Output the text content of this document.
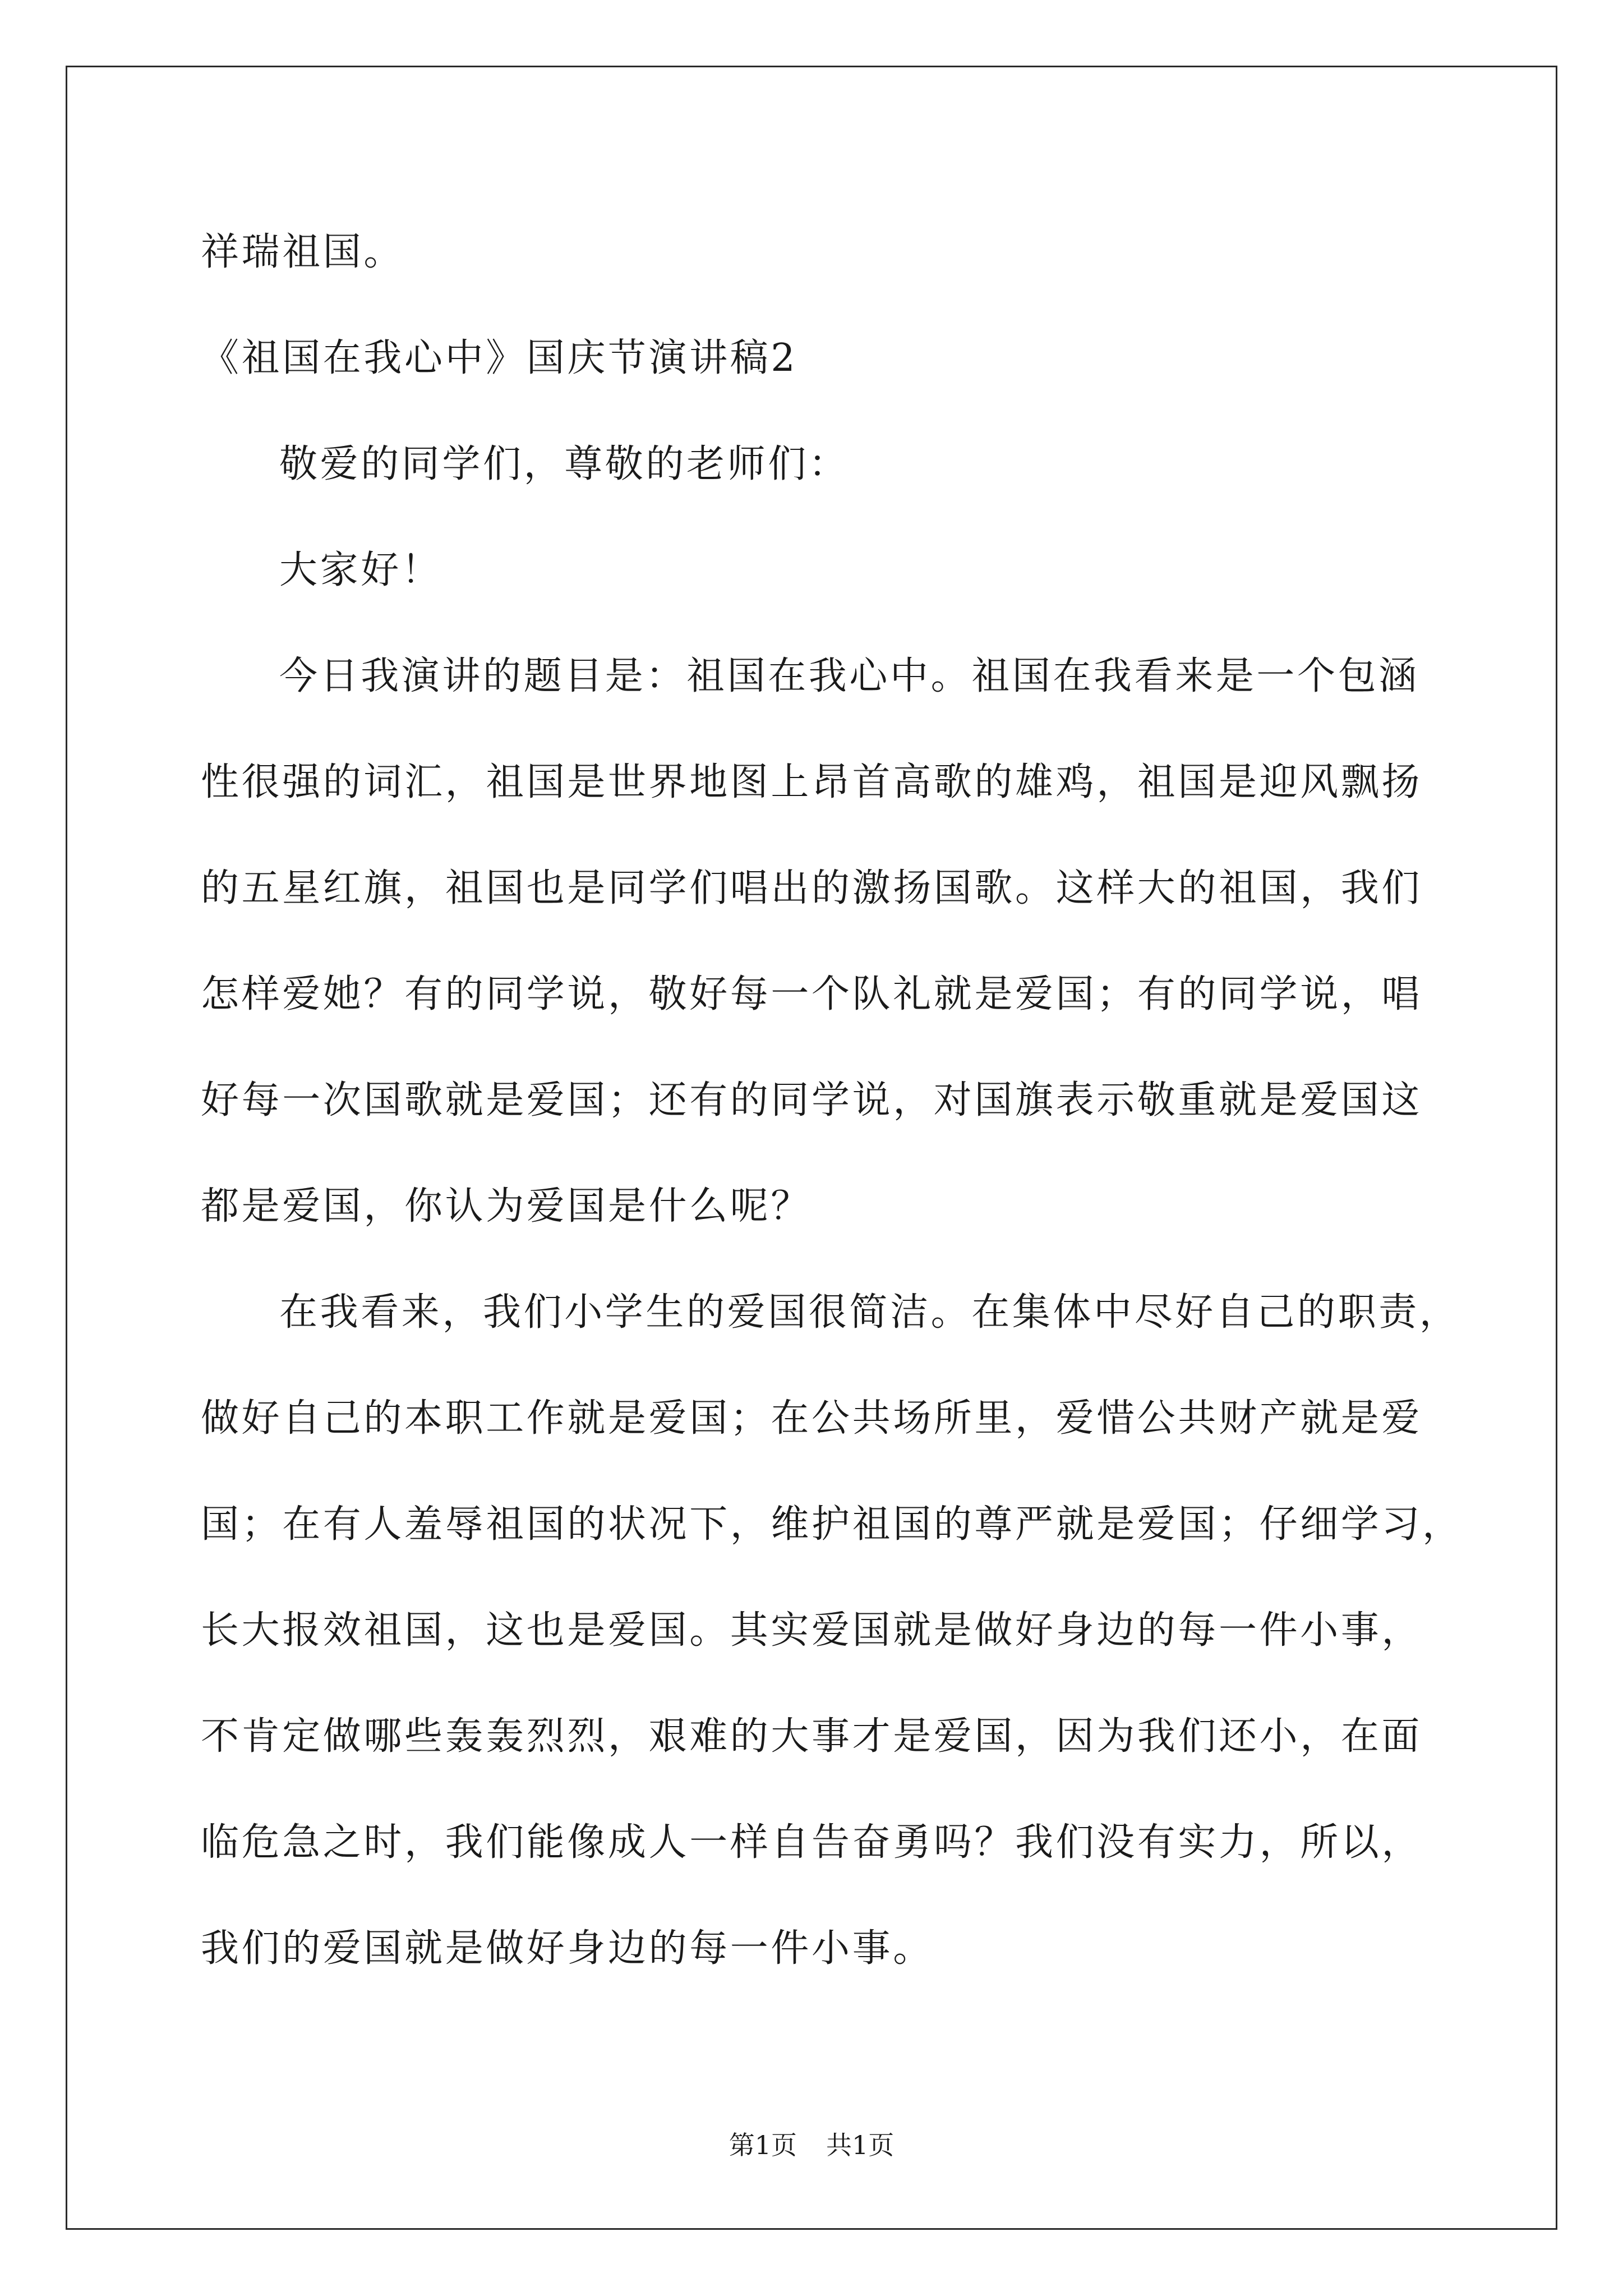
祥瑞祖国。
《祖国在我心中》国庆节演讲稿2
敬爱的同学们，尊敬的老师们：
大家好！
今日我演讲的题目是：祖国在我心中。祖国在我看来是一个包涵
性很强的词汇，祖国是世界地图上昂首高歌的雄鸡，祖国是迎风飘扬
的五星红旗，祖国也是同学们唱出的激扬国歌。这样大的祖国，我们
怎样爱她？有的同学说，敬好每一个队礼就是爱国；有的同学说，唱
好每一次国歌就是爱国；还有的同学说，对国旗表示敬重就是爱国这
都是爱国，你认为爱国是什么呢？
在我看来，我们小学生的爱国很简洁。在集体中尽好自己的职责，
做好自己的本职工作就是爱国；在公共场所里，爱惜公共财产就是爱
国；在有人羞辱祖国的状况下，维护祖国的尊严就是爱国；仔细学习，
长大报效祖国，这也是爱国。其实爱国就是做好身边的每一件小事，
不肯定做哪些轰轰烈烈，艰难的大事才是爱国，因为我们还小，在面
临危急之时，我们能像成人一样自告奋勇吗？我们没有实力，所以，
我们的爱国就是做好身边的每一件小事。
第1页 共1页
